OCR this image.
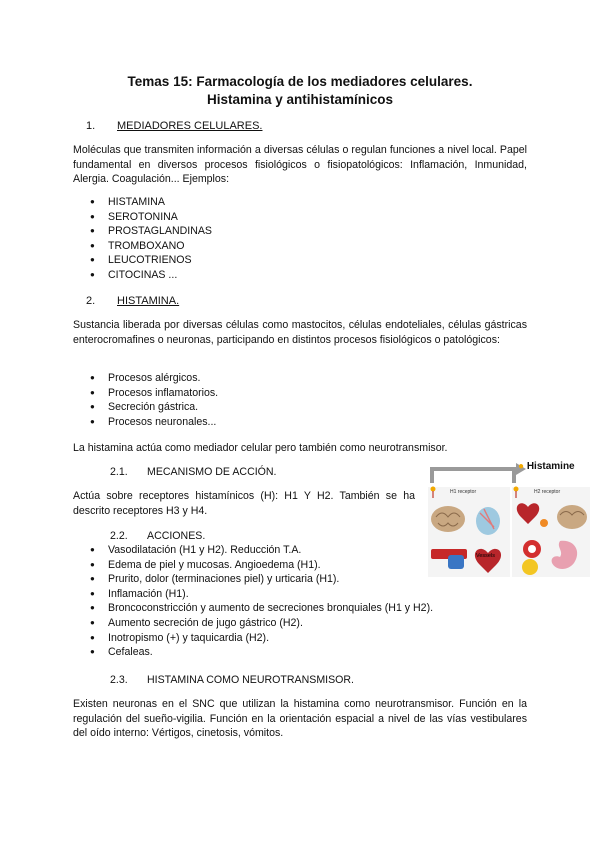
Temas 15: Farmacología de los mediadores celulares.
Histamina y antihistamínicos
1. MEDIADORES CELULARES.
Moléculas que transmiten información a diversas células o regulan funciones a nivel local. Papel fundamental en diversos procesos fisiológicos o fisiopatológicos: Inflamación, Inmunidad, Alergia. Coagulación... Ejemplos:
● HISTAMINA
● SEROTONINA
● PROSTAGLANDINAS
● TROMBOXANO
● LEUCOTRIENOS
● CITOCINAS ...
2. HISTAMINA.
Sustancia liberada por diversas células como mastocitos, células endoteliales, células gástricas enterocromafines o neuronas, participando en distintos procesos fisiológicos o patológicos:
● Procesos alérgicos.
● Procesos inflamatorios.
● Secreción gástrica.
● Procesos neuronales...
La histamina actúa como mediador celular pero también como neurotransmisor.
2.1. MECANISMO DE ACCIÓN.
Actúa sobre receptores histamínicos (H): H1 Y H2. También se ha descrito receptores H3 y H4.
2.2. ACCIONES.
● Vasodilatación (H1 y H2). Reducción T.A.
● Edema de piel y mucosas. Angioedema (H1).
● Prurito, dolor (terminaciones piel) y urticaria (H1).
● Inflamación (H1).
● Broncoconstricción y aumento de secreciones bronquiales (H1 y H2).
● Aumento secreción de jugo gástrico (H2).
● Inotropismo (+) y taquicardia (H2).
● Cefaleas.
2.3. HISTAMINA COMO NEUROTRANSMISOR.
Existen neuronas en el SNC que utilizan la histamina como neurotransmisor. Función en la regulación del sueño-vigilia. Función en la orientación espacial a nivel de las vías vestibulares del oído interno: Vértigos, cinetosis, vómitos.
● Histamine
H1 receptor	H2 receptor
Vessels
